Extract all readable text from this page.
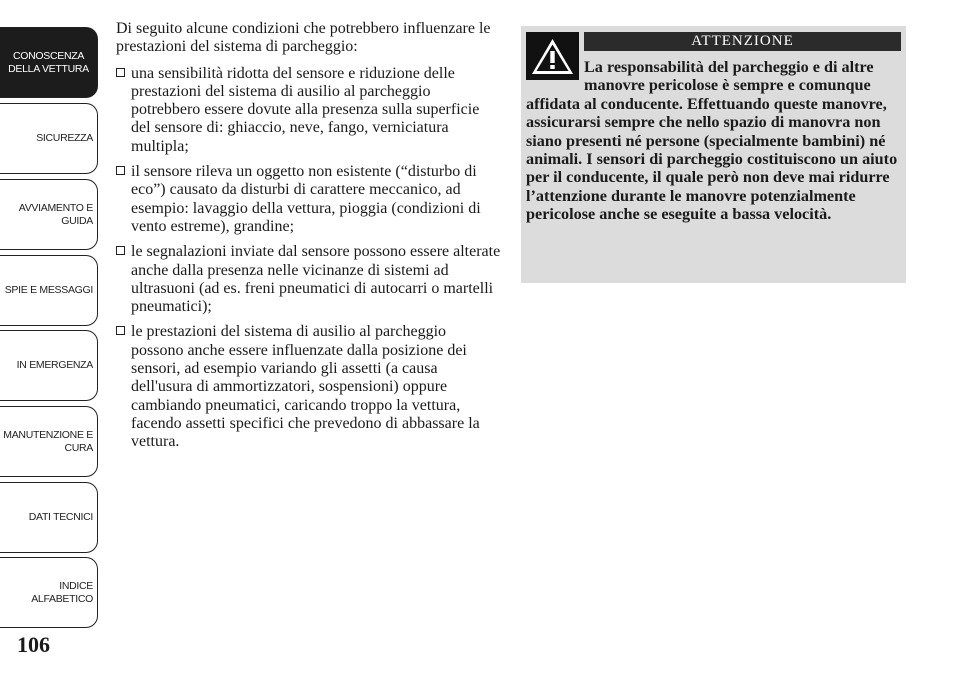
CONOSCENZA
DELLA VETTURA
SICUREZZA
AVVIAMENTO E
GUIDA
SPIE E MESSAGGI
IN EMERGENZA
MANUTENZIONE E
CURA
DATI TECNICI
INDICE
ALFABETICO
106

Di seguito alcune condizioni che potrebbero influenzare le prestazioni del sistema di parcheggio:

una sensibilità ridotta del sensore e riduzione delle prestazioni del sistema di ausilio al parcheggio potrebbero essere dovute alla presenza sulla superficie del sensore di: ghiaccio, neve, fango, verniciatura multipla;
il sensore rileva un oggetto non esistente (“disturbo di eco”) causato da disturbi di carattere meccanico, ad esempio: lavaggio della vettura, pioggia (condizioni di vento estreme), grandine;
le segnalazioni inviate dal sensore possono essere alterate anche dalla presenza nelle vicinanze di sistemi ad ultrasuoni (ad es. freni pneumatici di autocarri o martelli pneumatici);
le prestazioni del sistema di ausilio al parcheggio possono anche essere influenzate dalla posizione dei sensori, ad esempio variando gli assetti (a causa dell'usura di ammortizzatori, sospensioni) oppure cambiando pneumatici, caricando troppo la vettura, facendo assetti specifici che prevedono di abbassare la vettura.
ATTENZIONE

La responsabilità del parcheggio e di altre manovre pericolose è sempre e comunque affidata al conducente. Effettuando queste manovre, assicurarsi sempre che nello spazio di manovra non siano presenti né persone (specialmente bambini) né animali. I sensori di parcheggio costituiscono un aiuto per il conducente, il quale però non deve mai ridurre l’attenzione durante le manovre potenzialmente pericolose anche se eseguite a bassa velocità.
